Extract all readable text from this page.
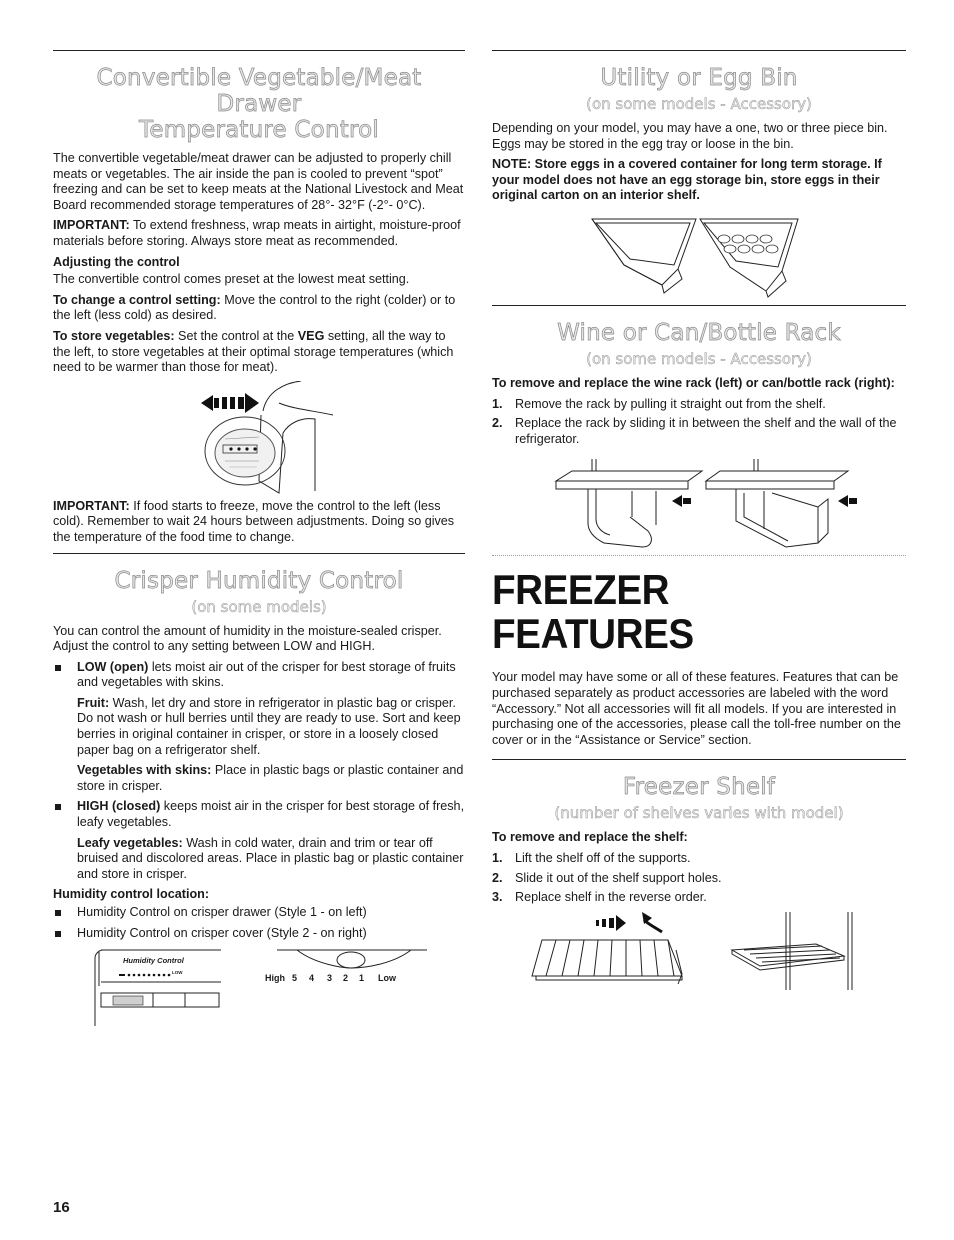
Convertible Vegetable/Meat Drawer
Temperature Control

The convertible vegetable/meat drawer can be adjusted to properly chill meats or vegetables. The air inside the pan is cooled to prevent “spot” freezing and can be set to keep meats at the National Livestock and Meat Board recommended storage temperatures of 28°- 32°F (-2°- 0°C).

IMPORTANT: To extend freshness, wrap meats in airtight, moisture-proof materials before storing. Always store meat as recommended.

Adjusting the control

The convertible control comes preset at the lowest meat setting.

To change a control setting: Move the control to the right (colder) or to the left (less cold) as desired.

To store vegetables: Set the control at the VEG setting, all the way to the left, to store vegetables at their optimal storage temperatures (which need to be warmer than those for meat).

IMPORTANT: If food starts to freeze, move the control to the left (less cold). Remember to wait 24 hours between adjustments. Doing so gives the temperature of the food time to change.

Crisper Humidity Control
(on some models)

You can control the amount of humidity in the moisture-sealed crisper. Adjust the control to any setting between LOW and HIGH.

LOW (open) lets moist air out of the crisper for best storage of fruits and vegetables with skins.

Fruit: Wash, let dry and store in refrigerator in plastic bag or crisper. Do not wash or hull berries until they are ready to use. Sort and keep berries in original container in crisper, or store in a loosely closed paper bag on a refrigerator shelf.

Vegetables with skins: Place in plastic bags or plastic container and store in crisper.

HIGH (closed) keeps moist air in the crisper for best storage of fresh, leafy vegetables.

Leafy vegetables: Wash in cold water, drain and trim or tear off bruised and discolored areas. Place in plastic bag or plastic container and store in crisper.

Humidity control location:
Humidity Control on crisper drawer (Style 1 - on left)
Humidity Control on crisper cover (Style 2 - on right)
Humidity Control
LOW
High 5	4	3	2	1	Low
Utility or Egg Bin
(on some models - Accessory)

Depending on your model, you may have a one, two or three piece bin. Eggs may be stored in the egg tray or loose in the bin.

NOTE: Store eggs in a covered container for long term storage. If your model does not have an egg storage bin, store eggs in their original carton on an interior shelf.

Wine or Can/Bottle Rack
(on some models - Accessory)

To remove and replace the wine rack (left) or can/bottle rack (right):

1. Remove the rack by pulling it straight out from the shelf.
2. Replace the rack by sliding it in between the shelf and the wall of the refrigerator.
FREEZER FEATURES

Your model may have some or all of these features. Features that can be purchased separately as product accessories are labeled with the word “Accessory.” Not all accessories will fit all models. If you are interested in purchasing one of the accessories, please call the toll-free number on the cover or in the “Assistance or Service” section.

Freezer Shelf
(number of shelves varies with model)

To remove and replace the shelf:

1. Lift the shelf off of the supports.
2. Slide it out of the shelf support holes.
3. Replace shelf in the reverse order.
16
